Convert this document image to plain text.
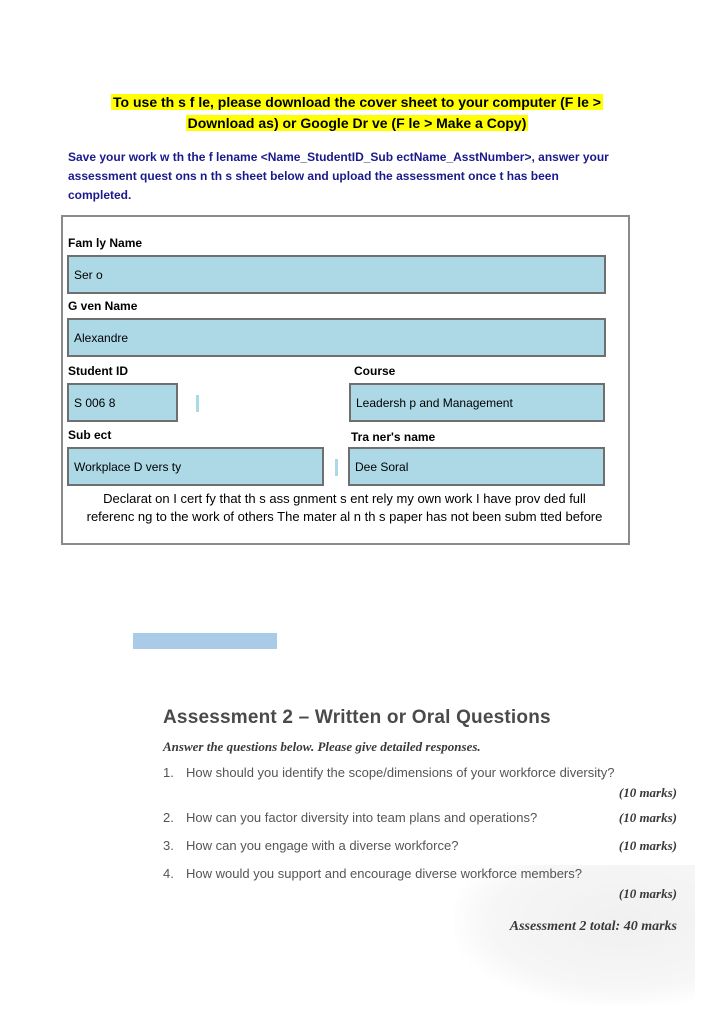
To use th s f le, please download the cover sheet to your computer (F le >
Download as) or Google Dr ve (F le > Make a Copy)
Save your work w th the f lename <Name_StudentID_Sub ectName_AsstNumber>, answer your
assessment quest ons n th s sheet below and upload the assessment once t has been
completed.
Fam ly Name
Ser o
G ven Name
Alexandre
Student ID
S 006 8
Course
Leadersh p and Management
Sub ect
Workplace D vers ty
Tra ner's name
Dee Soral
Declarat on I cert fy that th s ass gnment s ent rely my own work I have prov ded full
referenc ng to the work of others The mater al n th s paper has not been subm tted before
Assessment 2 – Written or Oral Questions
Answer the questions below. Please give detailed responses.
1. How should you identify the scope/dimensions of your workforce diversity?
(10 marks)
2. How can you factor diversity into team plans and operations?	(10 marks)
3. How can you engage with a diverse workforce?	(10 marks)
4. How would you support and encourage diverse workforce members?
(10 marks)
Assessment 2 total: 40 marks
